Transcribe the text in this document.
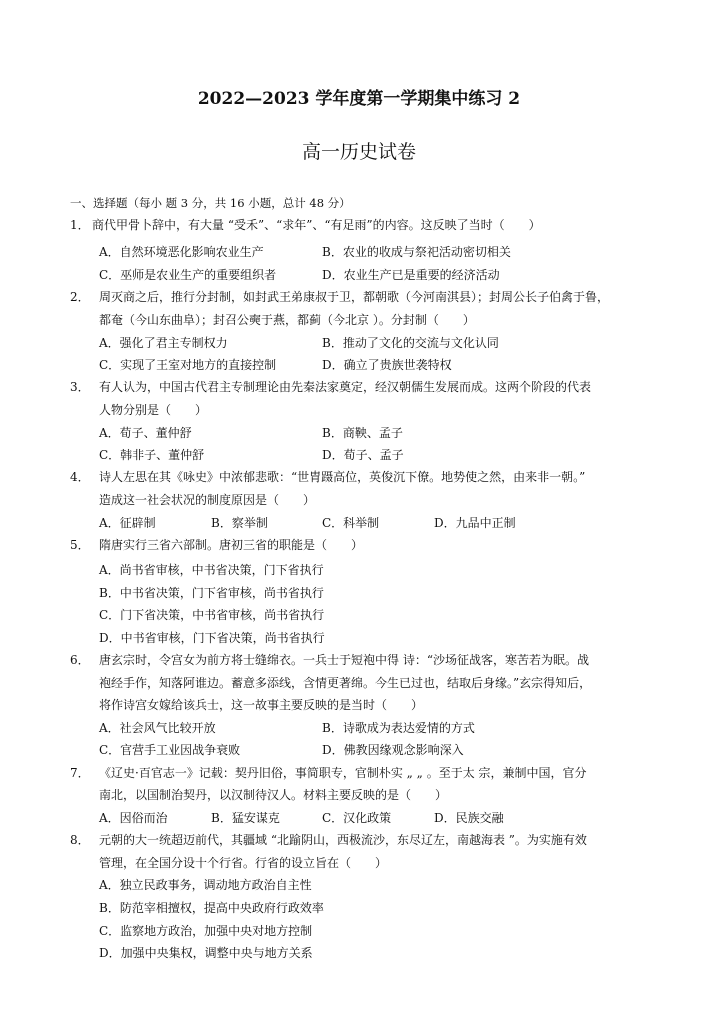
2022—2023 学年度第一学期集中练习 2
高一历史试卷
一、选择题（每小 题 3 分，共 16 小题，总计 48 分）
1． 商代甲骨卜辞中，有大量 “受禾”、“求年”、“有足雨”的内容。这反映了当时（　　）
A．自然环境恶化影响农业生产	B．农业的收成与祭祀活动密切相关
C．巫师是农业生产的重要组织者	D．农业生产已是重要的经济活动
2． 周灭商之后，推行分封制，如封武王弟康叔于卫，都朝歌（今河南淇县）；封周公长子伯禽于鲁，
都奄（今山东曲阜）；封召公奭于燕，都蓟（今北京 ）。分封制（　　）
A．强化了君主专制权力	B．推动了文化的交流与文化认同
C．实现了王室对地方的直接控制	D．确立了贵族世袭特权
3． 有人认为，中国古代君主专制理论由先秦法家奠定，经汉朝儒生发展而成。这两个阶段的代表
人物分别是（　　）
A．荀子、董仲舒	B．商鞅、孟子
C．韩非子、董仲舒	D．荀子、孟子
4． 诗人左思在其《咏史》中浓郁悲歌：“世胄蹑高位，英俊沉下僚。地势使之然，由来非一朝。”
造成这一社会状况的制度原因是（　　）
A．征辟制	B．察举制	C．科举制	D．九品中正制
5． 隋唐实行三省六部制。唐初三省的职能是（　　）
A．尚书省审核，中书省决策，门下省执行
B．中书省决策，门下省审核，尚书省执行
C．门下省决策，中书省审核，尚书省执行
D．中书省审核，门下省决策，尚书省执行
6． 唐玄宗时，令宫女为前方将士缝绵衣。一兵士于短袍中得 诗：“沙场征战客，寒苦若为眠。战
袍经手作，知落阿谁边。蓄意多添线，含情更著绵。今生已过也，结取后身缘。”玄宗得知后，
将作诗宫女嫁给该兵士，这一故事主要反映的是当时（　　）
A．社会风气比较开放	B．诗歌成为表达爱情的方式
C．官营手工业因战争衰败	D．佛教因缘观念影响深入
7． 《辽史·百官志一》记载：契丹旧俗，事简职专，官制朴实 „ „ 。至于太 宗，兼制中国，官分
南北，以国制治契丹，以汉制待汉人。材料主要反映的是（　　）
A．因俗而治	B．猛安谋克	C．汉化政策	D．民族交融
8． 元朝的大一统超迈前代，其疆域 “北踰阴山，西极流沙，东尽辽左，南越海表 ”。为实施有效
管理，在全国分设十个行省。行省的设立旨在（　　）
A．独立民政事务，调动地方政治自主性
B．防范宰相擅权，提高中央政府行政效率
C．监察地方政治，加强中央对地方控制
D．加强中央集权，调整中央与地方关系
